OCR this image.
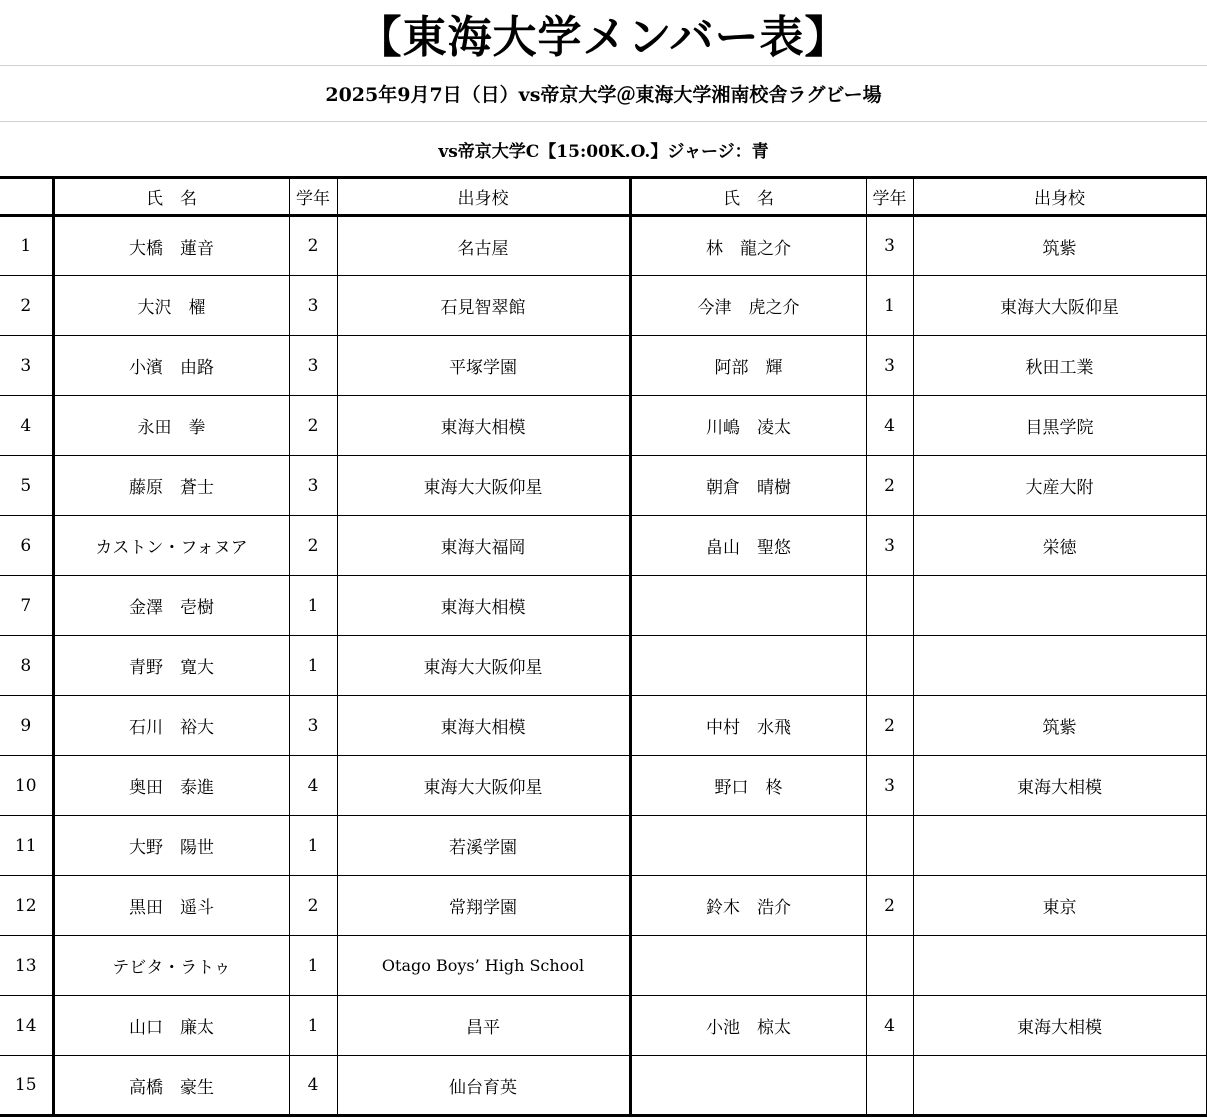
【東海大学メンバー表】
2025年9月7日（日）vs帝京大学＠東海大学湘南校舎ラグビー場
vs帝京大学C【15:00K.O.】ジャージ：青
	氏　名	学年	出身校	氏　名	学年	出身校
1	大橋　蓮音	2	名古屋	林　龍之介	3	筑紫
2	大沢　櫂	3	石見智翠館	今津　虎之介	1	東海大大阪仰星
3	小濱　由路	3	平塚学園	阿部　輝	3	秋田工業
4	永田　拳	2	東海大相模	川嶋　凌太	4	目黒学院
5	藤原　蒼士	3	東海大大阪仰星	朝倉　晴樹	2	大産大附
6	カストン・フォヌア	2	東海大福岡	畠山　聖悠	3	栄徳
7	金澤　壱樹	1	東海大相模			
8	青野　寛大	1	東海大大阪仰星			
9	石川　裕大	3	東海大相模	中村　水飛	2	筑紫
10	奥田　泰進	4	東海大大阪仰星	野口　柊	3	東海大相模
11	大野　陽世	1	若溪学園			
12	黒田　遥斗	2	常翔学園	鈴木　浩介	2	東京
13	テビタ・ラトゥ	1	Otago Boys’ High School			
14	山口　廉太	1	昌平	小池　椋太	4	東海大相模
15	高橋　豪生	4	仙台育英			
